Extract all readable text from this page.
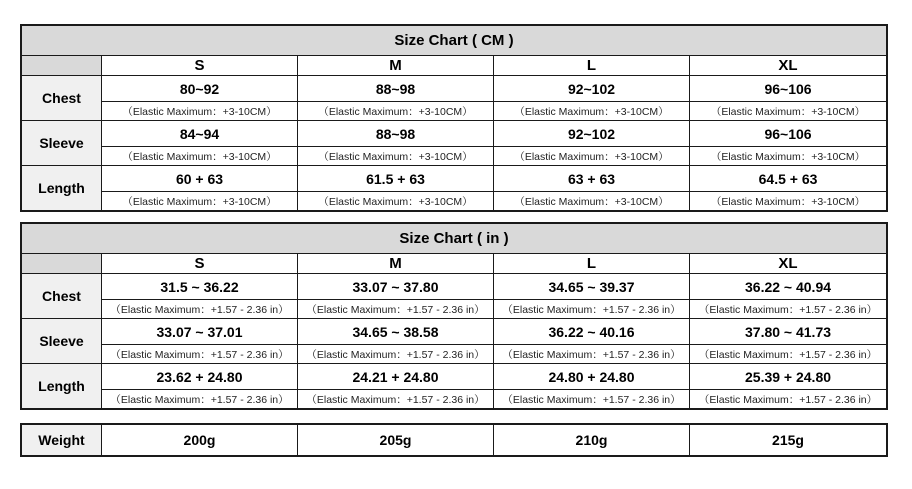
Size Chart ( CM )				
	S	M	L	XL
Chest	80~92	88~98	92~102	96~106
	（Elastic Maximum：+3-10CM）	（Elastic Maximum：+3-10CM）	（Elastic Maximum：+3-10CM）	（Elastic Maximum：+3-10CM）
Sleeve	84~94	88~98	92~102	96~106
	（Elastic Maximum：+3-10CM）	（Elastic Maximum：+3-10CM）	（Elastic Maximum：+3-10CM）	（Elastic Maximum：+3-10CM）
Length	60 + 63	61.5 + 63	63 + 63	64.5 + 63
	（Elastic Maximum：+3-10CM）	（Elastic Maximum：+3-10CM）	（Elastic Maximum：+3-10CM）	（Elastic Maximum：+3-10CM）
Size Chart ( in )				
	S	M	L	XL
Chest	31.5 ~ 36.22	33.07 ~ 37.80	34.65 ~ 39.37	36.22 ~ 40.94
	（Elastic Maximum：+1.57 - 2.36 in）	（Elastic Maximum：+1.57 - 2.36 in）	（Elastic Maximum：+1.57 - 2.36 in）	（Elastic Maximum：+1.57 - 2.36 in）
Sleeve	33.07 ~ 37.01	34.65 ~ 38.58	36.22 ~ 40.16	37.80 ~ 41.73
	（Elastic Maximum：+1.57 - 2.36 in）	（Elastic Maximum：+1.57 - 2.36 in）	（Elastic Maximum：+1.57 - 2.36 in）	（Elastic Maximum：+1.57 - 2.36 in）
Length	23.62 + 24.80	24.21 + 24.80	24.80 + 24.80	25.39 + 24.80
	（Elastic Maximum：+1.57 - 2.36 in）	（Elastic Maximum：+1.57 - 2.36 in）	（Elastic Maximum：+1.57 - 2.36 in）	（Elastic Maximum：+1.57 - 2.36 in）
Weight	200g	205g	210g	215g
